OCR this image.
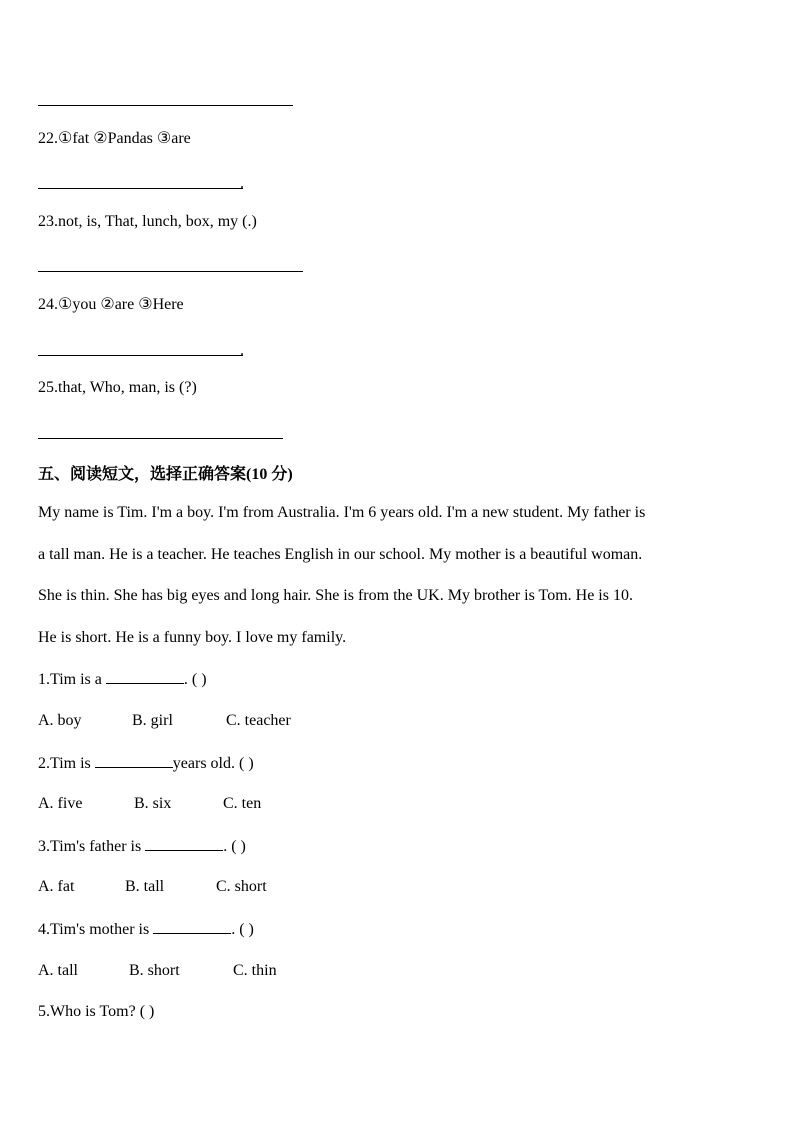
22.①fat ②Pandas ③are
.
23.not, is, That, lunch, box, my (.)
24.①you ②are ③Here
.
25.that, Who, man, is (?)
五、阅读短文，选择正确答案(10 分)
My name is Tim. I'm a boy. I'm from Australia. I'm 6 years old. I'm a new student. My father is
a tall man. He is a teacher. He teaches English in our school. My mother is a beautiful woman.
She is thin. She has big eyes and long hair. She is from the UK. My brother is Tom. He is 10.
He is short. He is a funny boy. I love my family.
1.Tim is a	. ( )
A. boy	B. girl	C. teacher
2.Tim is	years old. ( )
A. five	B. six	C. ten
3.Tim's father is	. ( )
A. fat	B. tall	C. short
4.Tim's mother is	. ( )
A. tall	B. short	C. thin
5.Who is Tom? ( )
